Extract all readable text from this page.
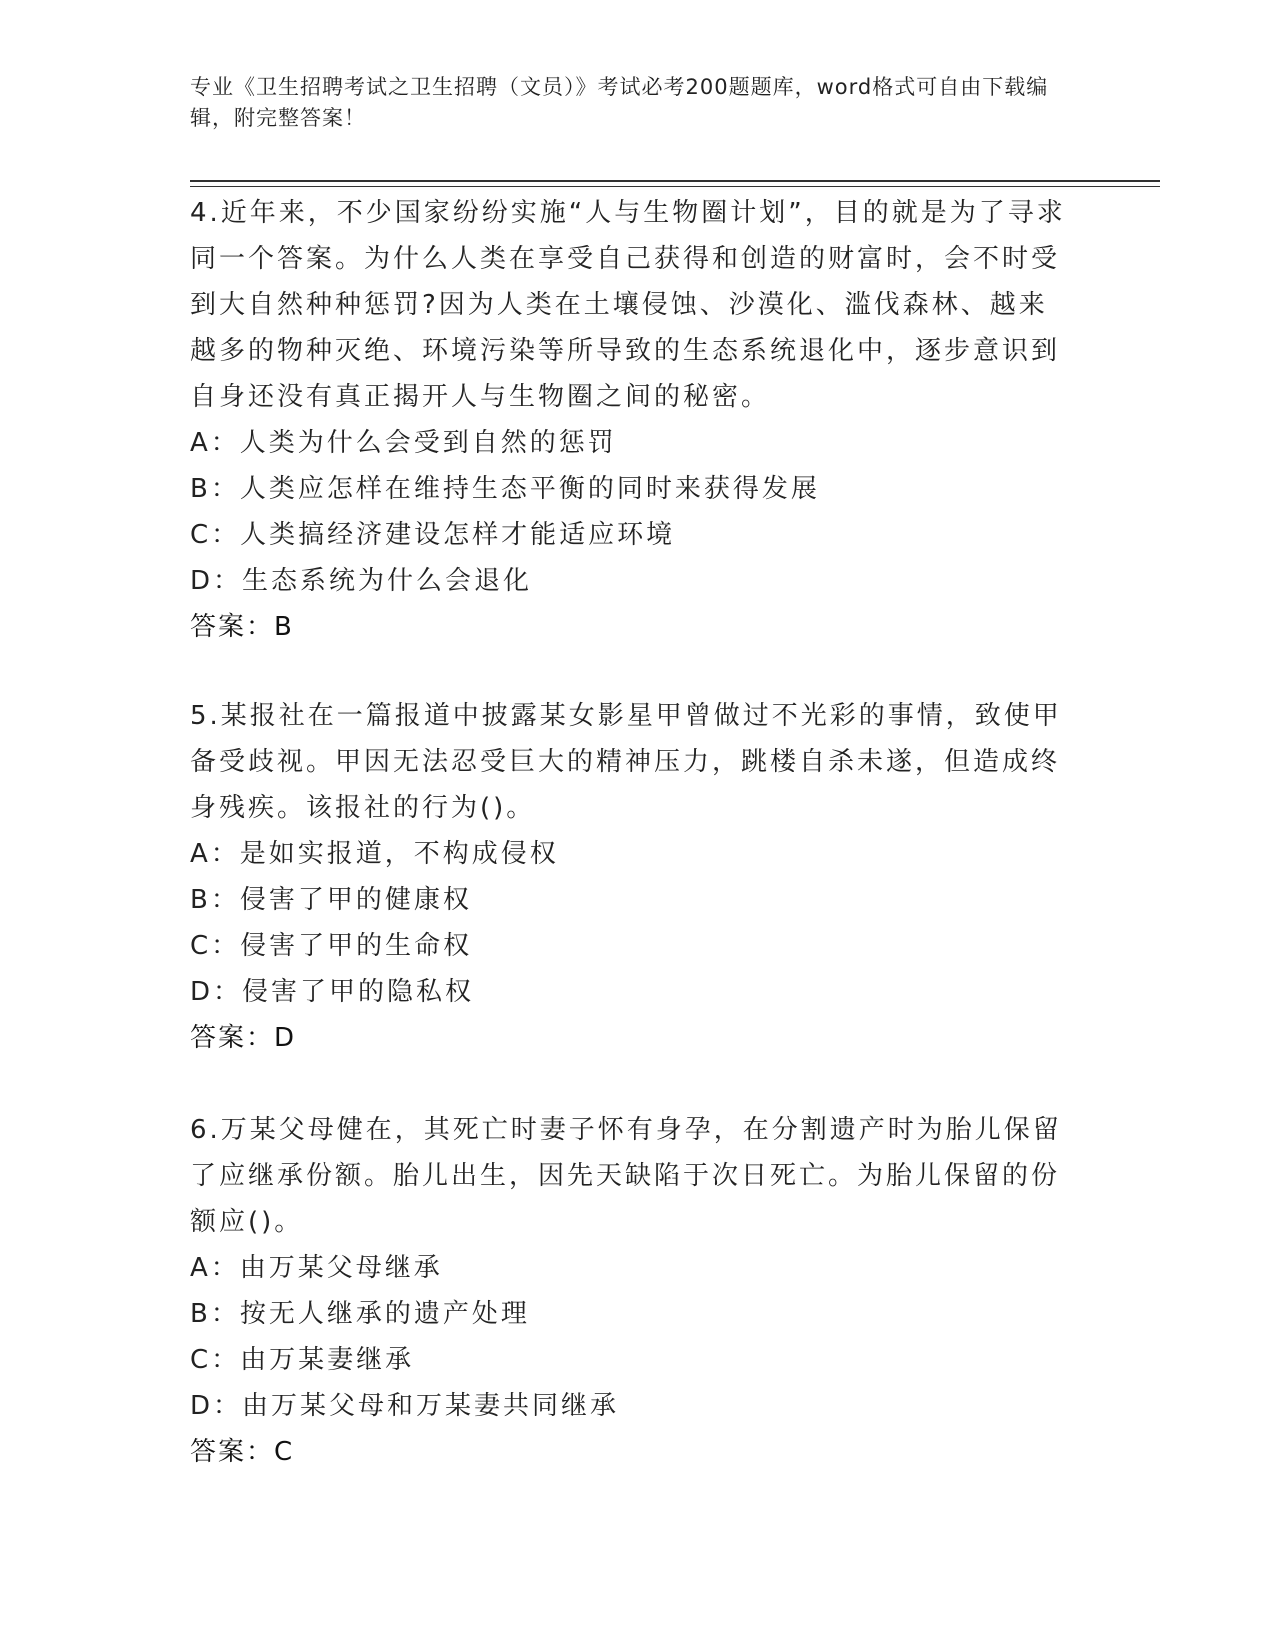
专业《卫生招聘考试之卫生招聘（文员）》考试必考200题题库，word格式可自由下载编辑，附完整答案！

4.近年来，不少国家纷纷实施“人与生物圈计划”，目的就是为了寻求同一个答案。为什么人类在享受自己获得和创造的财富时，会不时受到大自然种种惩罚?因为人类在土壤侵蚀、沙漠化、滥伐森林、越来越多的物种灭绝、环境污染等所导致的生态系统退化中，逐步意识到自身还没有真正揭开人与生物圈之间的秘密。

A：人类为什么会受到自然的惩罚

B：人类应怎样在维持生态平衡的同时来获得发展

C：人类搞经济建设怎样才能适应环境

D：生态系统为什么会退化

答案：B

5.某报社在一篇报道中披露某女影星甲曾做过不光彩的事情，致使甲备受歧视。甲因无法忍受巨大的精神压力，跳楼自杀未遂，但造成终身残疾。该报社的行为()。

A：是如实报道，不构成侵权

B：侵害了甲的健康权

C：侵害了甲的生命权

D：侵害了甲的隐私权

答案：D

6.万某父母健在，其死亡时妻子怀有身孕，在分割遗产时为胎儿保留了应继承份额。胎儿出生，因先天缺陷于次日死亡。为胎儿保留的份额应()。

A：由万某父母继承

B：按无人继承的遗产处理

C：由万某妻继承

D：由万某父母和万某妻共同继承

答案：C
